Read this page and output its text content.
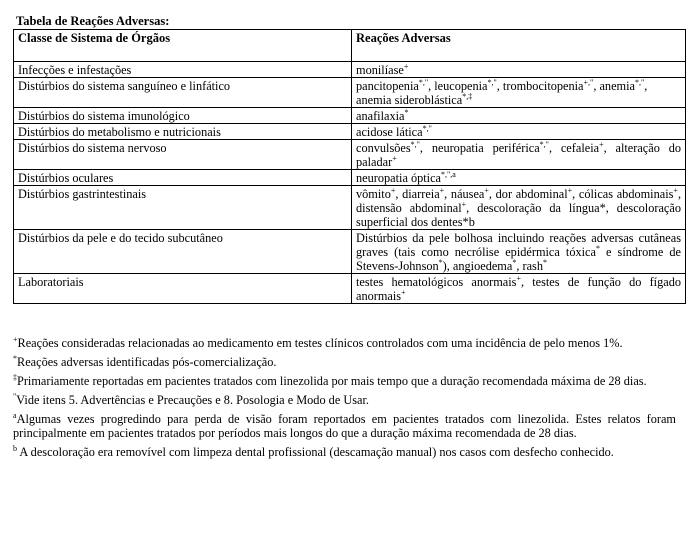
Tabela de Reações Adversas:
Classe de Sistema de Órgãos	Reações Adversas
Infecções e infestações	monilíase+
Distúrbios do sistema sanguíneo e linfático	pancitopenia*,", leucopenia*,", trombocitopenia+,", anemia*,", anemia sideroblástica*,‡
Distúrbios do sistema imunológico	anafilaxia*
Distúrbios do metabolismo e nutricionais	acidose lática*,"
Distúrbios do sistema nervoso	convulsões*,", neuropatia periférica*,", cefaleia+, alteração do paladar+
Distúrbios oculares	neuropatia óptica$^{*,",a}$
Distúrbios gastrintestinais	vômito+, diarreia+, náusea+, dor abdominal+, cólicas abdominais+, distensão abdominal+, descoloração da língua*, descoloração superficial dos dentes*b
Distúrbios da pele e do tecido subcutâneo	Distúrbios da pele bolhosa incluindo reações adversas cutâneas graves (tais como necrólise epidérmica tóxica* e síndrome de Stevens-Johnson*), angioedema*, rash*
Laboratoriais	testes hematológicos anormais+, testes de função do fígado anormais+
+Reações consideradas relacionadas ao medicamento em testes clínicos controlados com uma incidência de pelo menos 1%.
*Reações adversas identificadas pós-comercialização.
‡Primariamente reportadas em pacientes tratados com linezolida por mais tempo que a duração recomendada máxima de 28 dias.
"Vide itens 5. Advertências e Precauções e 8. Posologia e Modo de Usar.
$^a$Algumas vezes progredindo para perda de visão foram reportados em pacientes tratados com linezolida. Estes relatos foram principalmente em pacientes tratados por períodos mais longos do que a duração máxima recomendada de 28 dias.
$^b$ A descoloração era removível com limpeza dental profissional (descamação manual) nos casos com desfecho conhecido.
